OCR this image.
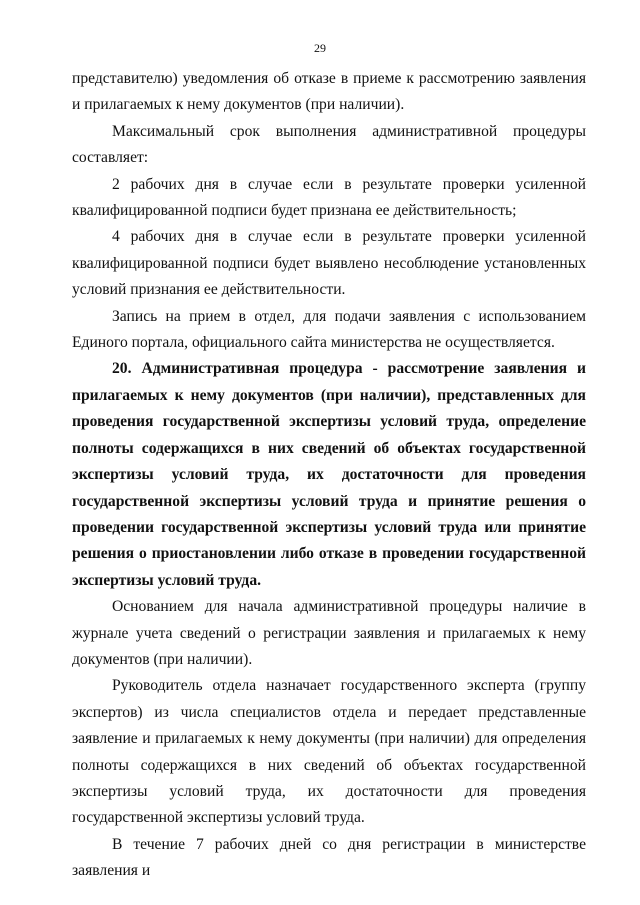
29

представителю) уведомления об отказе в приеме к рассмотрению заявления и прилагаемых к нему документов (при наличии).

Максимальный срок выполнения административной процедуры составляет:

2 рабочих дня в случае если в результате проверки усиленной квалифицированной подписи будет признана ее действительность;

4 рабочих дня в случае если в результате проверки усиленной квалифицированной подписи будет выявлено несоблюдение установленных условий признания ее действительности.

Запись на прием в отдел, для подачи заявления с использованием Единого портала, официального сайта министерства не осуществляется.

20. Административная процедура - рассмотрение заявления и прилагаемых к нему документов (при наличии), представленных для проведения государственной экспертизы условий труда, определение полноты содержащихся в них сведений об объектах государственной экспертизы условий труда, их достаточности для проведения государственной экспертизы условий труда и принятие решения о проведении государственной экспертизы условий труда или принятие решения о приостановлении либо отказе в проведении государственной экспертизы условий труда.

Основанием для начала административной процедуры наличие в журнале учета сведений о регистрации заявления и прилагаемых к нему документов (при наличии).

Руководитель отдела назначает государственного эксперта (группу экспертов) из числа специалистов отдела и передает представленные заявление и прилагаемых к нему документы (при наличии) для определения полноты содержащихся в них сведений об объектах государственной экспертизы условий труда, их достаточности для проведения государственной экспертизы условий труда.

В течение 7 рабочих дней со дня регистрации в министерстве заявления и
